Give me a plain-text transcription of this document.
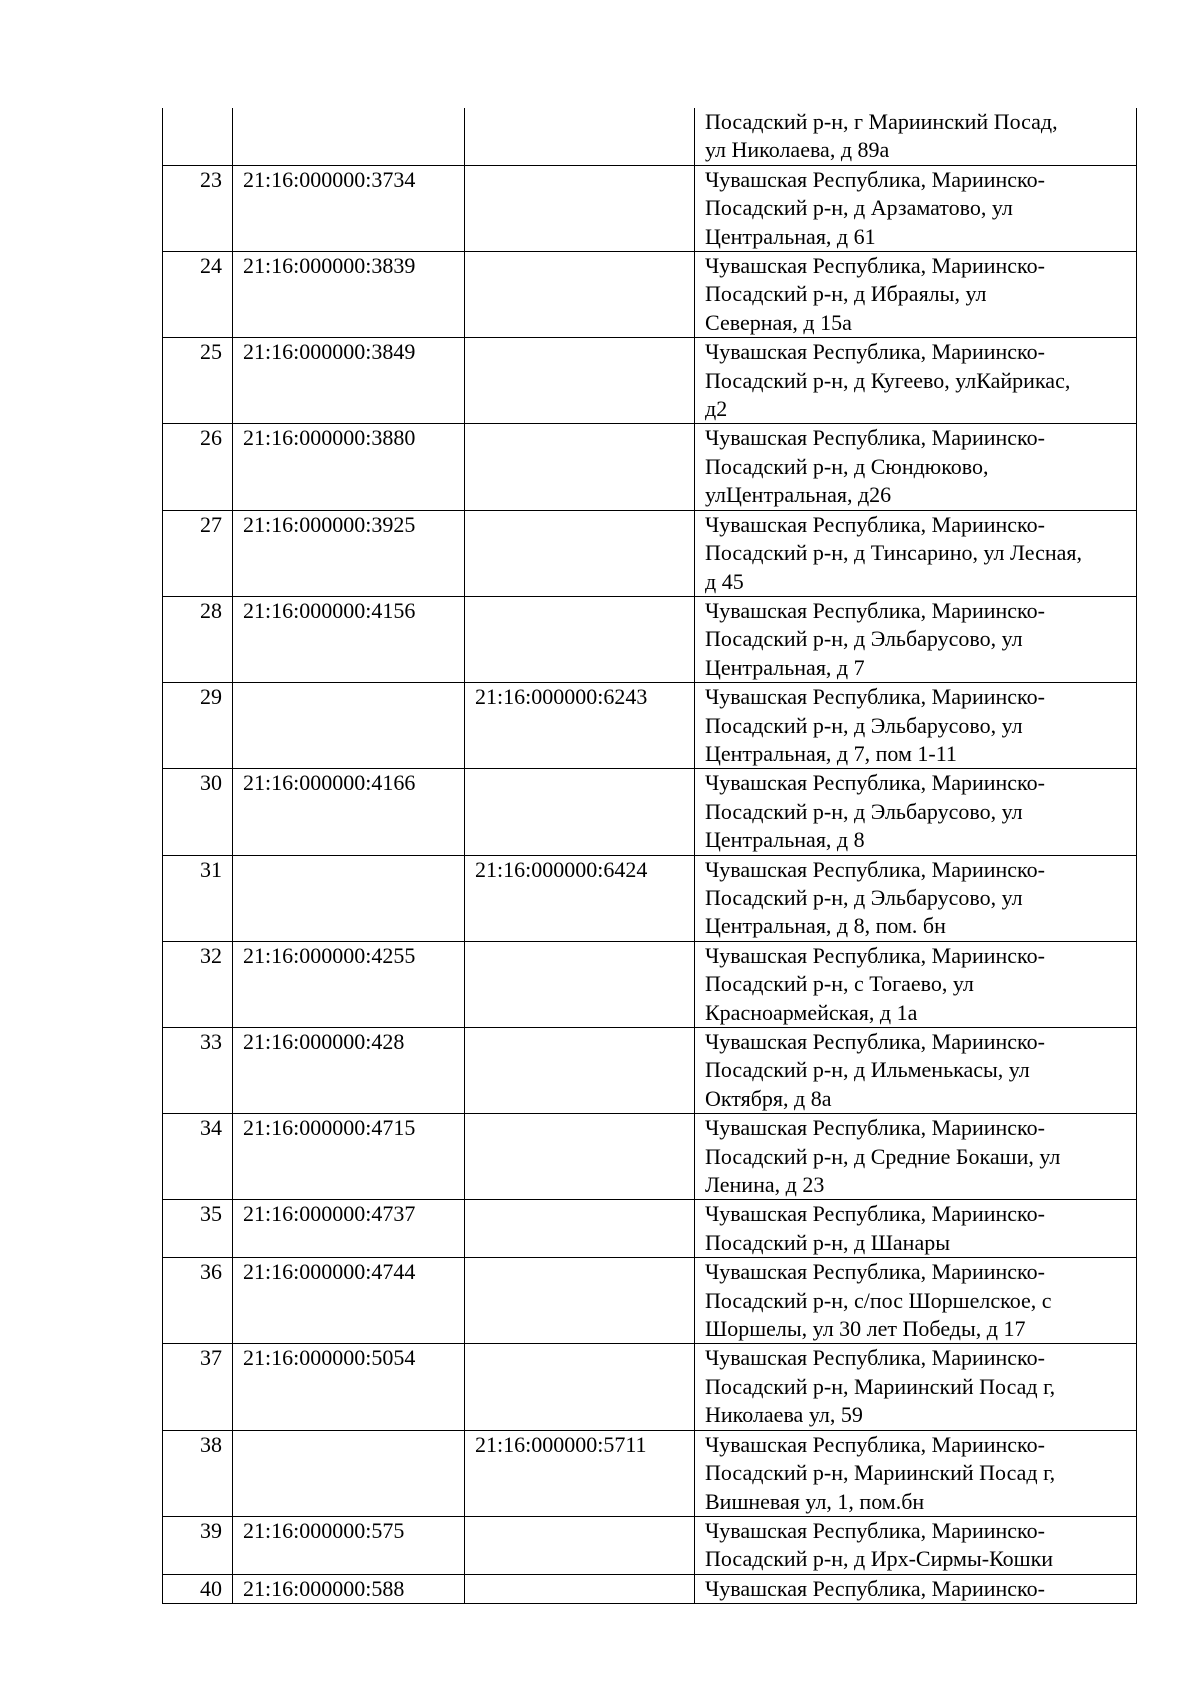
			Посадский р-н, г Мариинский Посад,
ул Николаева, д 89а

23	21:16:000000:3734		Чувашская Республика, Мариинско-
Посадский р-н, д Арзаматово, ул
Центральная, д 61

24	21:16:000000:3839		Чувашская Республика, Мариинско-
Посадский р-н, д Ибраялы, ул
Северная, д 15а

25	21:16:000000:3849		Чувашская Республика, Мариинско-
Посадский р-н, д Кугеево, улКайрикас,
д2

26	21:16:000000:3880		Чувашская Республика, Мариинско-
Посадский р-н, д Сюндюково,
улЦентральная, д26

27	21:16:000000:3925		Чувашская Республика, Мариинско-
Посадский р-н, д Тинсарино, ул Лесная,
д 45

28	21:16:000000:4156		Чувашская Республика, Мариинско-
Посадский р-н, д Эльбарусово, ул
Центральная, д 7

29		21:16:000000:6243	Чувашская Республика, Мариинско-
Посадский р-н, д Эльбарусово, ул
Центральная, д 7, пом 1-11

30	21:16:000000:4166		Чувашская Республика, Мариинско-
Посадский р-н, д Эльбарусово, ул
Центральная, д 8

31		21:16:000000:6424	Чувашская Республика, Мариинско-
Посадский р-н, д Эльбарусово, ул
Центральная, д 8, пом. бн

32	21:16:000000:4255		Чувашская Республика, Мариинско-
Посадский р-н, с Тогаево, ул
Красноармейская, д 1а

33	21:16:000000:428		Чувашская Республика, Мариинско-
Посадский р-н, д Ильменькасы, ул
Октября, д 8а

34	21:16:000000:4715		Чувашская Республика, Мариинско-
Посадский р-н, д Средние Бокаши, ул
Ленина, д 23

35	21:16:000000:4737		Чувашская Республика, Мариинско-
Посадский р-н, д Шанары

36	21:16:000000:4744		Чувашская Республика, Мариинско-
Посадский р-н, с/пос Шоршелское, с
Шоршелы, ул 30 лет Победы, д 17

37	21:16:000000:5054		Чувашская Республика, Мариинско-
Посадский р-н, Мариинский Посад г,
Николаева ул, 59

38		21:16:000000:5711	Чувашская Республика, Мариинско-
Посадский р-н, Мариинский Посад г,
Вишневая ул, 1, пом.бн

39	21:16:000000:575		Чувашская Республика, Мариинско-
Посадский р-н, д Ирх-Сирмы-Кошки

40	21:16:000000:588		Чувашская Республика, Мариинско-
